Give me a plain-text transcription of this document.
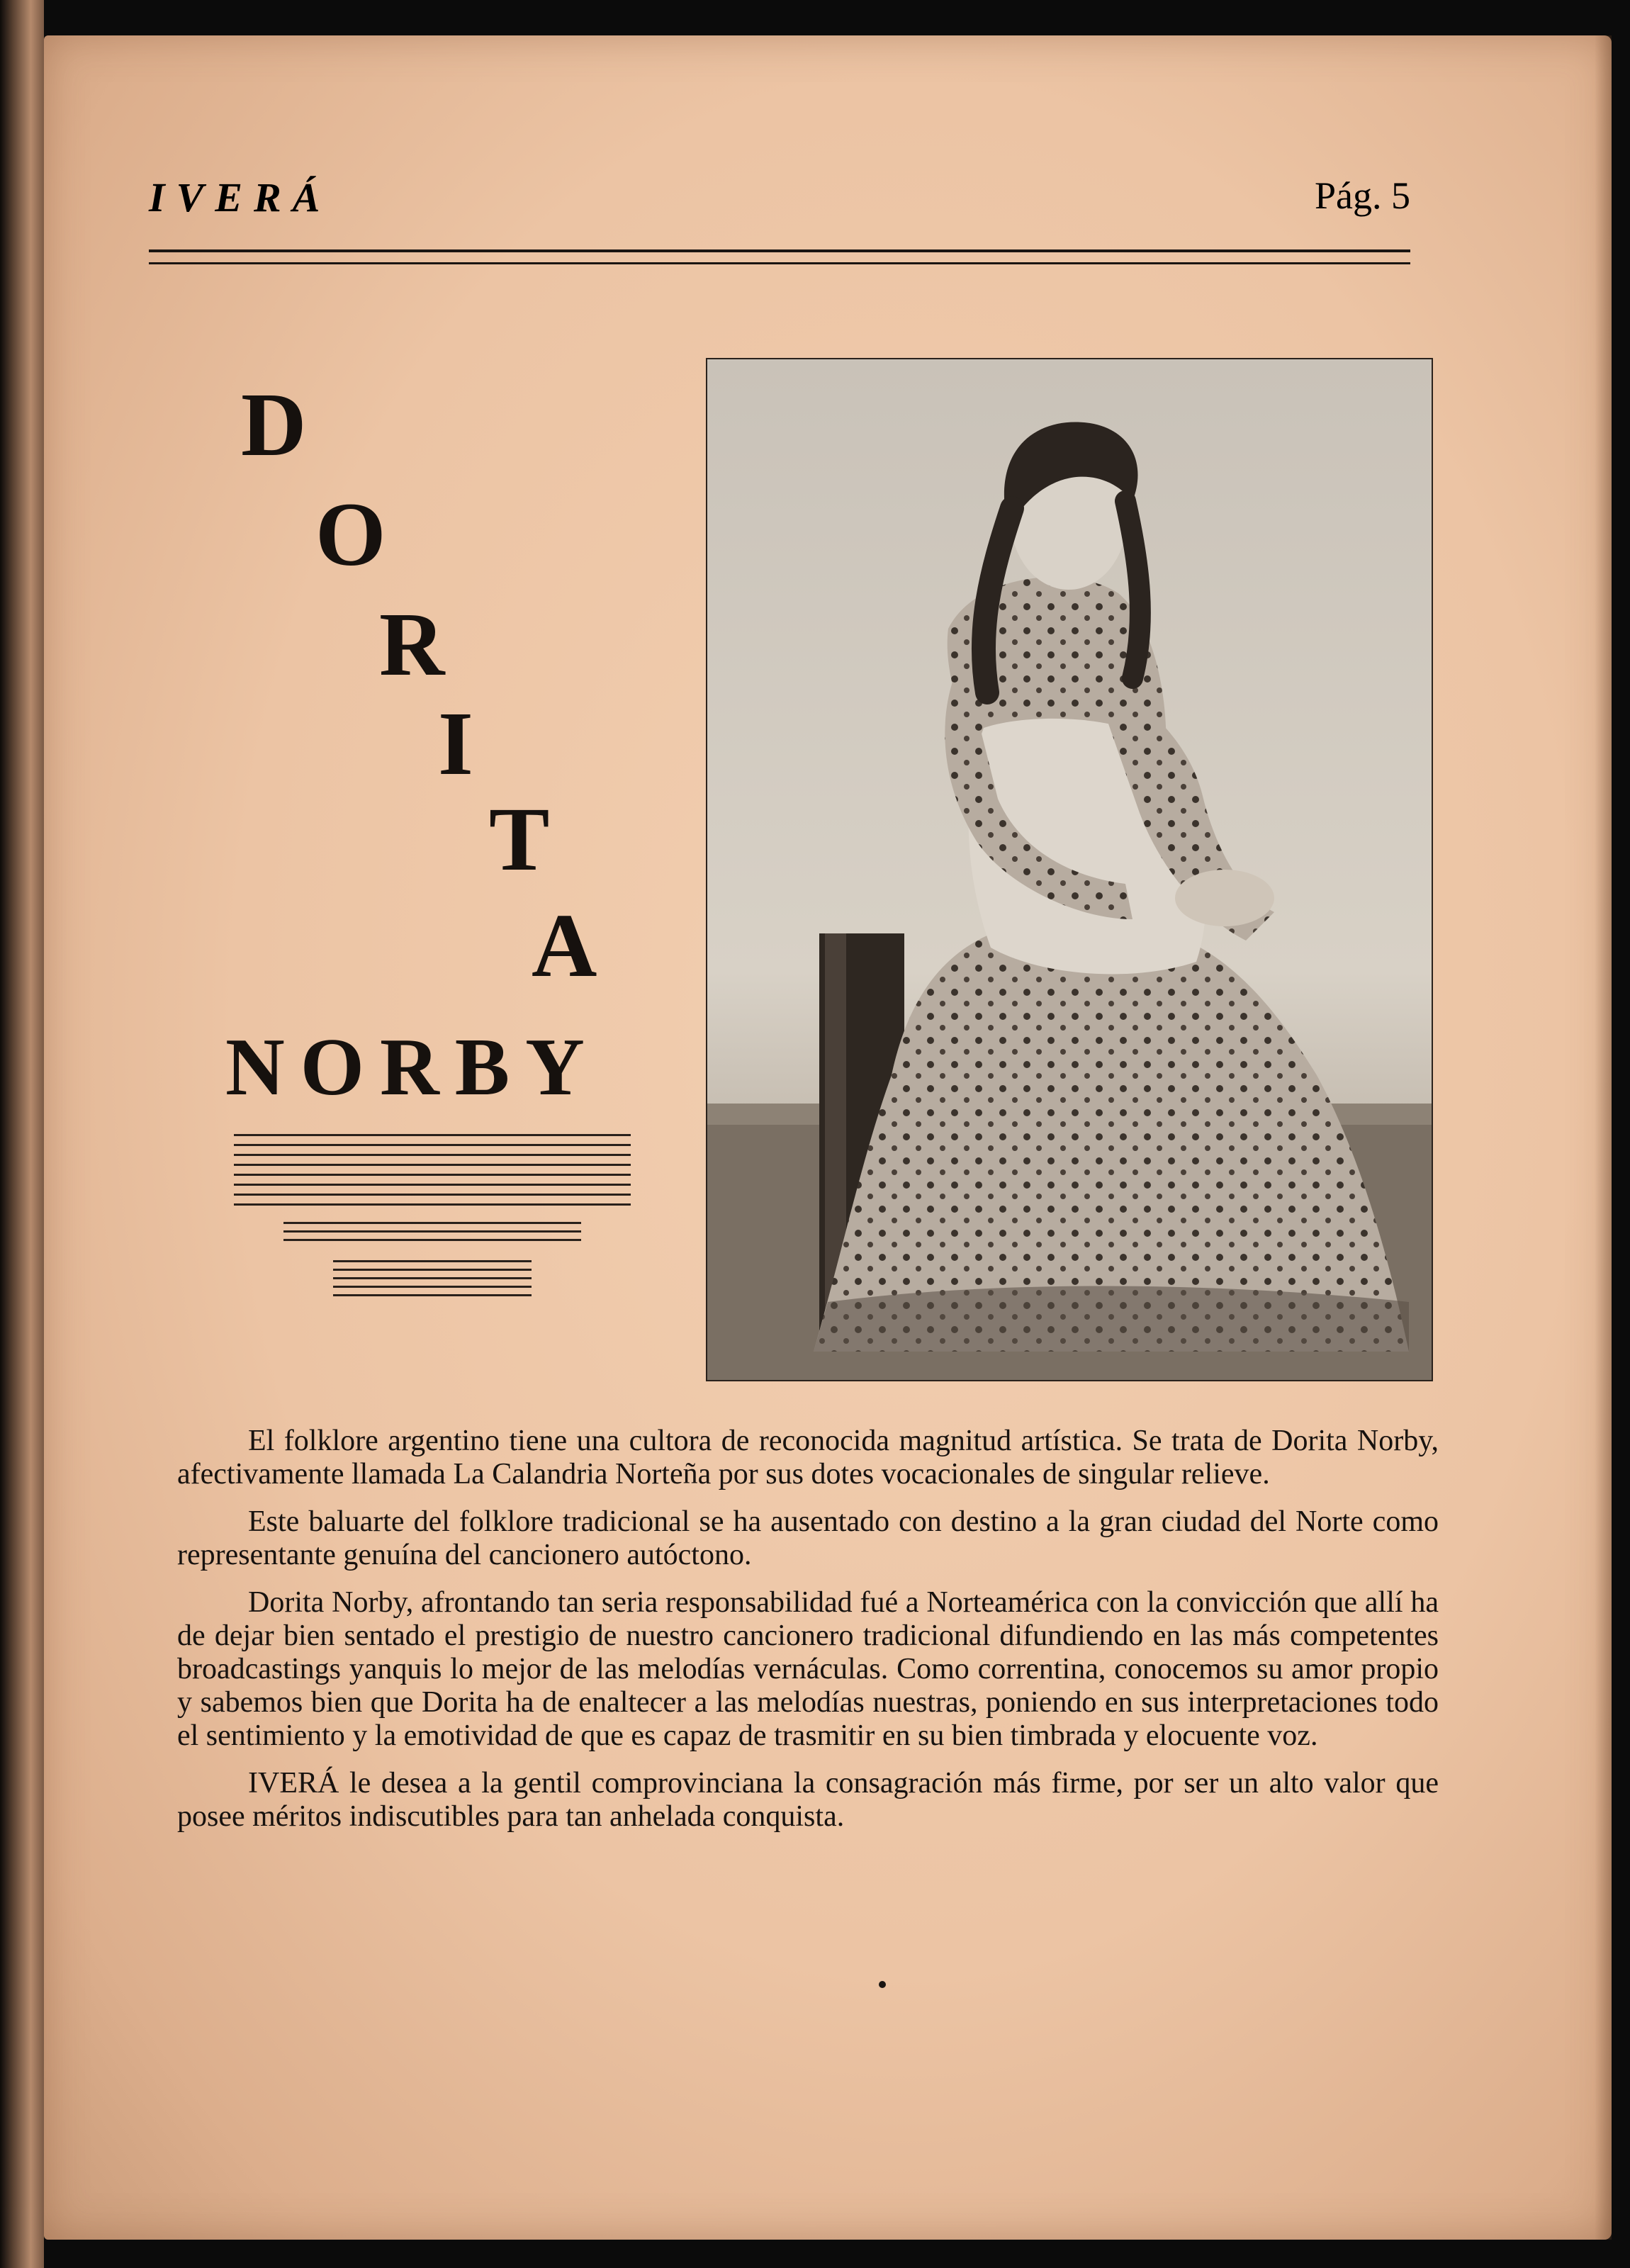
IVERÁ	Pág. 5
D
O
R
I
T
A
NORBY

El folklore argentino tiene una cultora de reconocida magnitud artística. Se trata de Dorita Norby, afectivamente llamada La Calandria Norteña por sus dotes vocacionales de singular relieve.

Este baluarte del folklore tradicional se ha ausentado con destino a la gran ciudad del Norte como representante genuína del cancionero autóctono.

Dorita Norby, afrontando tan seria responsabilidad fué a Norteamérica con la convicción que allí ha de dejar bien sentado el prestigio de nuestro cancionero tradicional difundiendo en las más competentes broadcastings yanquis lo mejor de las melodías vernáculas. Como correntina, conocemos su amor propio y sabemos bien que Dorita ha de enaltecer a las melodías nuestras, poniendo en sus interpretaciones todo el sentimiento y la emotividad de que es capaz de trasmitir en su bien timbrada y elocuente voz.

IVERÁ le desea a la gentil comprovinciana la consagración más firme, por ser un alto valor que posee méritos indiscutibles para tan anhelada conquista.
